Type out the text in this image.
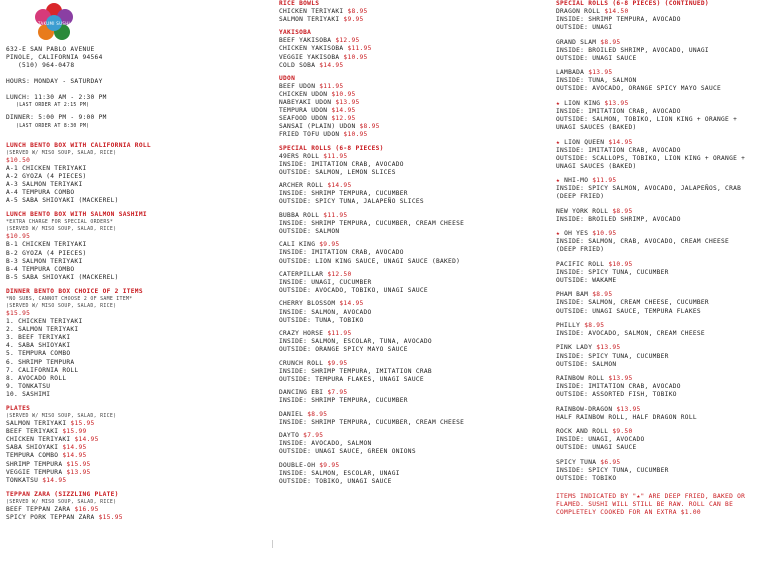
TAKUMI SUSHI
632-E SAN PABLO AVENUE
PINOLE, CALIFORNIA 94564
(510) 964-0478
HOURS: MONDAY - SATURDAY
LUNCH: 11:30 AM - 2:30 PM
(LAST ORDER AT 2:15 PM)
DINNER: 5:00 PM - 9:00 PM
(LAST ORDER AT 8:30 PM)
LUNCH BENTO BOX WITH CALIFORNIA ROLL
(SERVED W/ MISO SOUP, SALAD, RICE)
$10.50
A-1 CHICKEN TERIYAKI
A-2 GYOZA (4 PIECES)
A-3 SALMON TERIYAKI
A-4 TEMPURA COMBO
A-5 SABA SHIOYAKI (MACKEREL)
LUNCH BENTO BOX WITH SALMON SASHIMI
*EXTRA CHARGE FOR SPECIAL ORDERS*
(SERVED W/ MISO SOUP, SALAD, RICE)
$10.95
B-1 CHICKEN TERIYAKI
B-2 GYOZA (4 PIECES)
B-3 SALMON TERIYAKI
B-4 TEMPURA COMBO
B-5 SABA SHIOYAKI (MACKEREL)
DINNER BENTO BOX CHOICE OF 2 ITEMS
*NO SUBS, CANNOT CHOOSE 2 OF SAME ITEM*
(SERVED W/ MISO SOUP, SALAD, RICE)
$15.95
1. CHICKEN TERIYAKI
2. SALMON TERIYAKI
3. BEEF TERIYAKI
4. SABA SHIOYAKI
5. TEMPURA COMBO
6. SHRIMP TEMPURA
7. CALIFORNIA ROLL
8. AVOCADO ROLL
9. TONKATSU
10. SASHIMI
PLATES
(SERVED W/ MISO SOUP, SALAD, RICE)
SALMON TERIYAKI $15.95
BEEF TERIYAKI $15.99
CHICKEN TERIYAKI $14.95
SABA SHIOYAKI $14.95
TEMPURA COMBO $14.95
SHRIMP TEMPURA $15.95
VEGGIE TEMPURA $13.95
TONKATSU $14.95
TEPPAN ZARA (SIZZLING PLATE)
(SERVED W/ MISO SOUP, SALAD, RICE)
BEEF TEPPAN ZARA $16.95
SPICY PORK TEPPAN ZARA $15.95
RICE BOWLS
CHICKEN TERIYAKI $8.95
SALMON TERIYAKI $9.95
YAKISOBA
BEEF YAKISOBA $12.95
CHICKEN YAKISOBA $11.95
VEGGIE YAKISOBA $10.95
COLD SOBA $14.95
UDON
BEEF UDON $11.95
CHICKEN UDON $10.95
NABEYAKI UDON $13.95
TEMPURA UDON $14.95
SEAFOOD UDON $12.95
SANSAI (PLAIN) UDON $8.95
FRIED TOFU UDON $10.95
SPECIAL ROLLS (6-8 PIECES)
49ERS ROLL $11.95
INSIDE: IMITATION CRAB, AVOCADO
OUTSIDE: SALMON, LEMON SLICES
ARCHER ROLL $14.95
INSIDE: SHRIMP TEMPURA, CUCUMBER
OUTSIDE: SPICY TUNA, JALAPEÑO SLICES
BUBBA ROLL $11.95
INSIDE: SHRIMP TEMPURA, CUCUMBER, CREAM CHEESE
OUTSIDE: SALMON
CALI KING $9.95
INSIDE: IMITATION CRAB, AVOCADO
OUTSIDE: LION KING SAUCE, UNAGI SAUCE (BAKED)
CATERPILLAR $12.50
INSIDE: UNAGI, CUCUMBER
OUTSIDE: AVOCADO, TOBIKO, UNAGI SAUCE
CHERRY BLOSSOM $14.95
INSIDE: SALMON, AVOCADO
OUTSIDE: TUNA, TOBIKO
CRAZY HORSE $11.95
INSIDE: SALMON, ESCOLAR, TUNA, AVOCADO
OUTSIDE: ORANGE SPICY MAYO SAUCE
CRUNCH ROLL $9.95
INSIDE: SHRIMP TEMPURA, IMITATION CRAB
OUTSIDE: TEMPURA FLAKES, UNAGI SAUCE
DANCING EBI $7.95
INSIDE: SHRIMP TEMPURA, CUCUMBER
DANIEL $8.95
INSIDE: SHRIMP TEMPURA, CUCUMBER, CREAM CHEESE
DAYTO $7.95
INSIDE: AVOCADO, SALMON
OUTSIDE: UNAGI SAUCE, GREEN ONIONS
DOUBLE-OH $9.95
INSIDE: SALMON, ESCOLAR, UNAGI
OUTSIDE: TOBIKO, UNAGI SAUCE
SPECIAL ROLLS (6-8 PIECES) (CONTINUED)
DRAGON ROLL $14.50
INSIDE: SHRIMP TEMPURA, AVOCADO
OUTSIDE: UNAGI
GRAND SLAM $8.95
INSIDE: BROILED SHRIMP, AVOCADO, UNAGI
OUTSIDE: UNAGI SAUCE
LAMBADA $13.95
INSIDE: TUNA, SALMON
OUTSIDE: AVOCADO, ORANGE SPICY MAYO SAUCE
★ LION KING $13.95
INSIDE: IMITATION CRAB, AVOCADO
OUTSIDE: SALMON, TOBIKO, LION KING + ORANGE +
UNAGI SAUCES (BAKED)
★ LION QUEEN $14.95
INSIDE: IMITATION CRAB, AVOCADO
OUTSIDE: SCALLOPS, TOBIKO, LION KING + ORANGE +
UNAGI SAUCES (BAKED)
★ NHI-MO $11.95
INSIDE: SPICY SALMON, AVOCADO, JALAPEÑOS, CRAB
(DEEP FRIED)
NEW YORK ROLL $8.95
INSIDE: BROILED SHRIMP, AVOCADO
★ OH YES $10.95
INSIDE: SALMON, CRAB, AVOCADO, CREAM CHEESE
(DEEP FRIED)
PACIFIC ROLL $10.95
INSIDE: SPICY TUNA, CUCUMBER
OUTSIDE: WAKAME
PHAM BAM $8.95
INSIDE: SALMON, CREAM CHEESE, CUCUMBER
OUTSIDE: UNAGI SAUCE, TEMPURA FLAKES
PHILLY $8.95
INSIDE: AVOCADO, SALMON, CREAM CHEESE
PINK LADY $13.95
INSIDE: SPICY TUNA, CUCUMBER
OUTSIDE: SALMON
RAINBOW ROLL $13.95
INSIDE: IMITATION CRAB, AVOCADO
OUTSIDE: ASSORTED FISH, TOBIKO
RAINBOW-DRAGON $13.95
HALF RAINBOW ROLL, HALF DRAGON ROLL
ROCK AND ROLL $9.50
INSIDE: UNAGI, AVOCADO
OUTSIDE: UNAGI SAUCE
SPICY TUNA $6.95
INSIDE: SPICY TUNA, CUCUMBER
OUTSIDE: TOBIKO
ITEMS INDICATED BY "★" ARE DEEP FRIED, BAKED OR
FLAMED. SUSHI WILL STILL BE RAW. ROLL CAN BE
COMPLETELY COOKED FOR AN EXTRA $1.00
